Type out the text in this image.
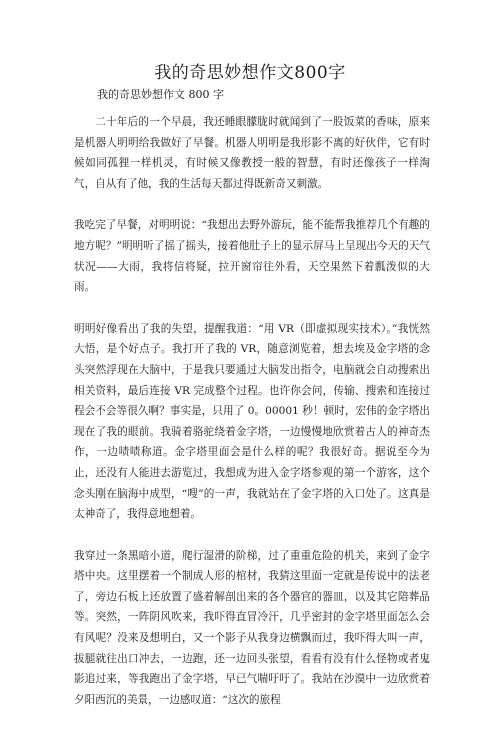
我的奇思妙想作文800字

我的奇思妙想作文 800 字

二十年后的一个早晨，我还睡眼朦胧时就闻到了一股饭菜的香味，原来是机器人明明给我做好了早餐。机器人明明是我形影不离的好伙伴，它有时候如同孤狸一样机灵，有时候又像教授一般的智慧，有时还像孩子一样淘气，自从有了他，我的生活每天都过得既新奇又刺激。

我吃完了早餐，对明明说：“我想出去野外游玩，能不能帮我推荐几个有趣的地方呢？”明明听了摇了摇头，接着他肚子上的显示屏马上呈现出今天的天气状况——大雨，我将信将疑，拉开窗帘往外看，天空果然下着瓢泼似的大雨。

明明好像看出了我的失望，提醒我道：“用 VR（即虚拟现实技术）。”我恍然大悟，是个好点子。我打开了我的 VR，随意浏览着，想去埃及金字塔的念头突然浮现在大脑中，于是我只要通过大脑发出指令，电脑就会自动搜索出相关资料，最后连接 VR 完成整个过程。也许你会问，传输、搜索和连接过程会不会等很久啊？事实是，只用了 0。00001 秒！顿时，宏伟的金字塔出现在了我的眼前。我骑着骆驼绕着金字塔，一边慢慢地欣赏着古人的神奇杰作，一边啧啧称道。金字塔里面会是什么样的呢？我很好奇。据说至今为止，还没有人能进去游览过，我想成为进入金字塔参观的第一个游客，这个念头刚在脑海中成型，“嗖”的一声，我就站在了金字塔的入口处了。这真是太神奇了，我得意地想着。

我穿过一条黑暗小道，爬行湿滑的阶梯，过了重重危险的机关，来到了金字塔中央。这里摆着一个制成人形的棺材，我猜这里面一定就是传说中的法老了，旁边石板上还放置了盛着解剖出来的各个器官的器皿，以及其它陪葬品等。突然，一阵阴风吹来，我吓得直冒冷汗，几乎密封的金字塔里面怎么会有风呢？没来及想明白，又一个影子从我身边横飘而过，我吓得大叫一声，拔腿就往出口冲去，一边跑，还一边回头张望，看看有没有什么怪物或者鬼影追过来，等我跑出了金字塔，早已气喘吁吁了。我站在沙漠中一边欣赏着夕阳西沉的美景，一边感叹道：“这次的旅程
